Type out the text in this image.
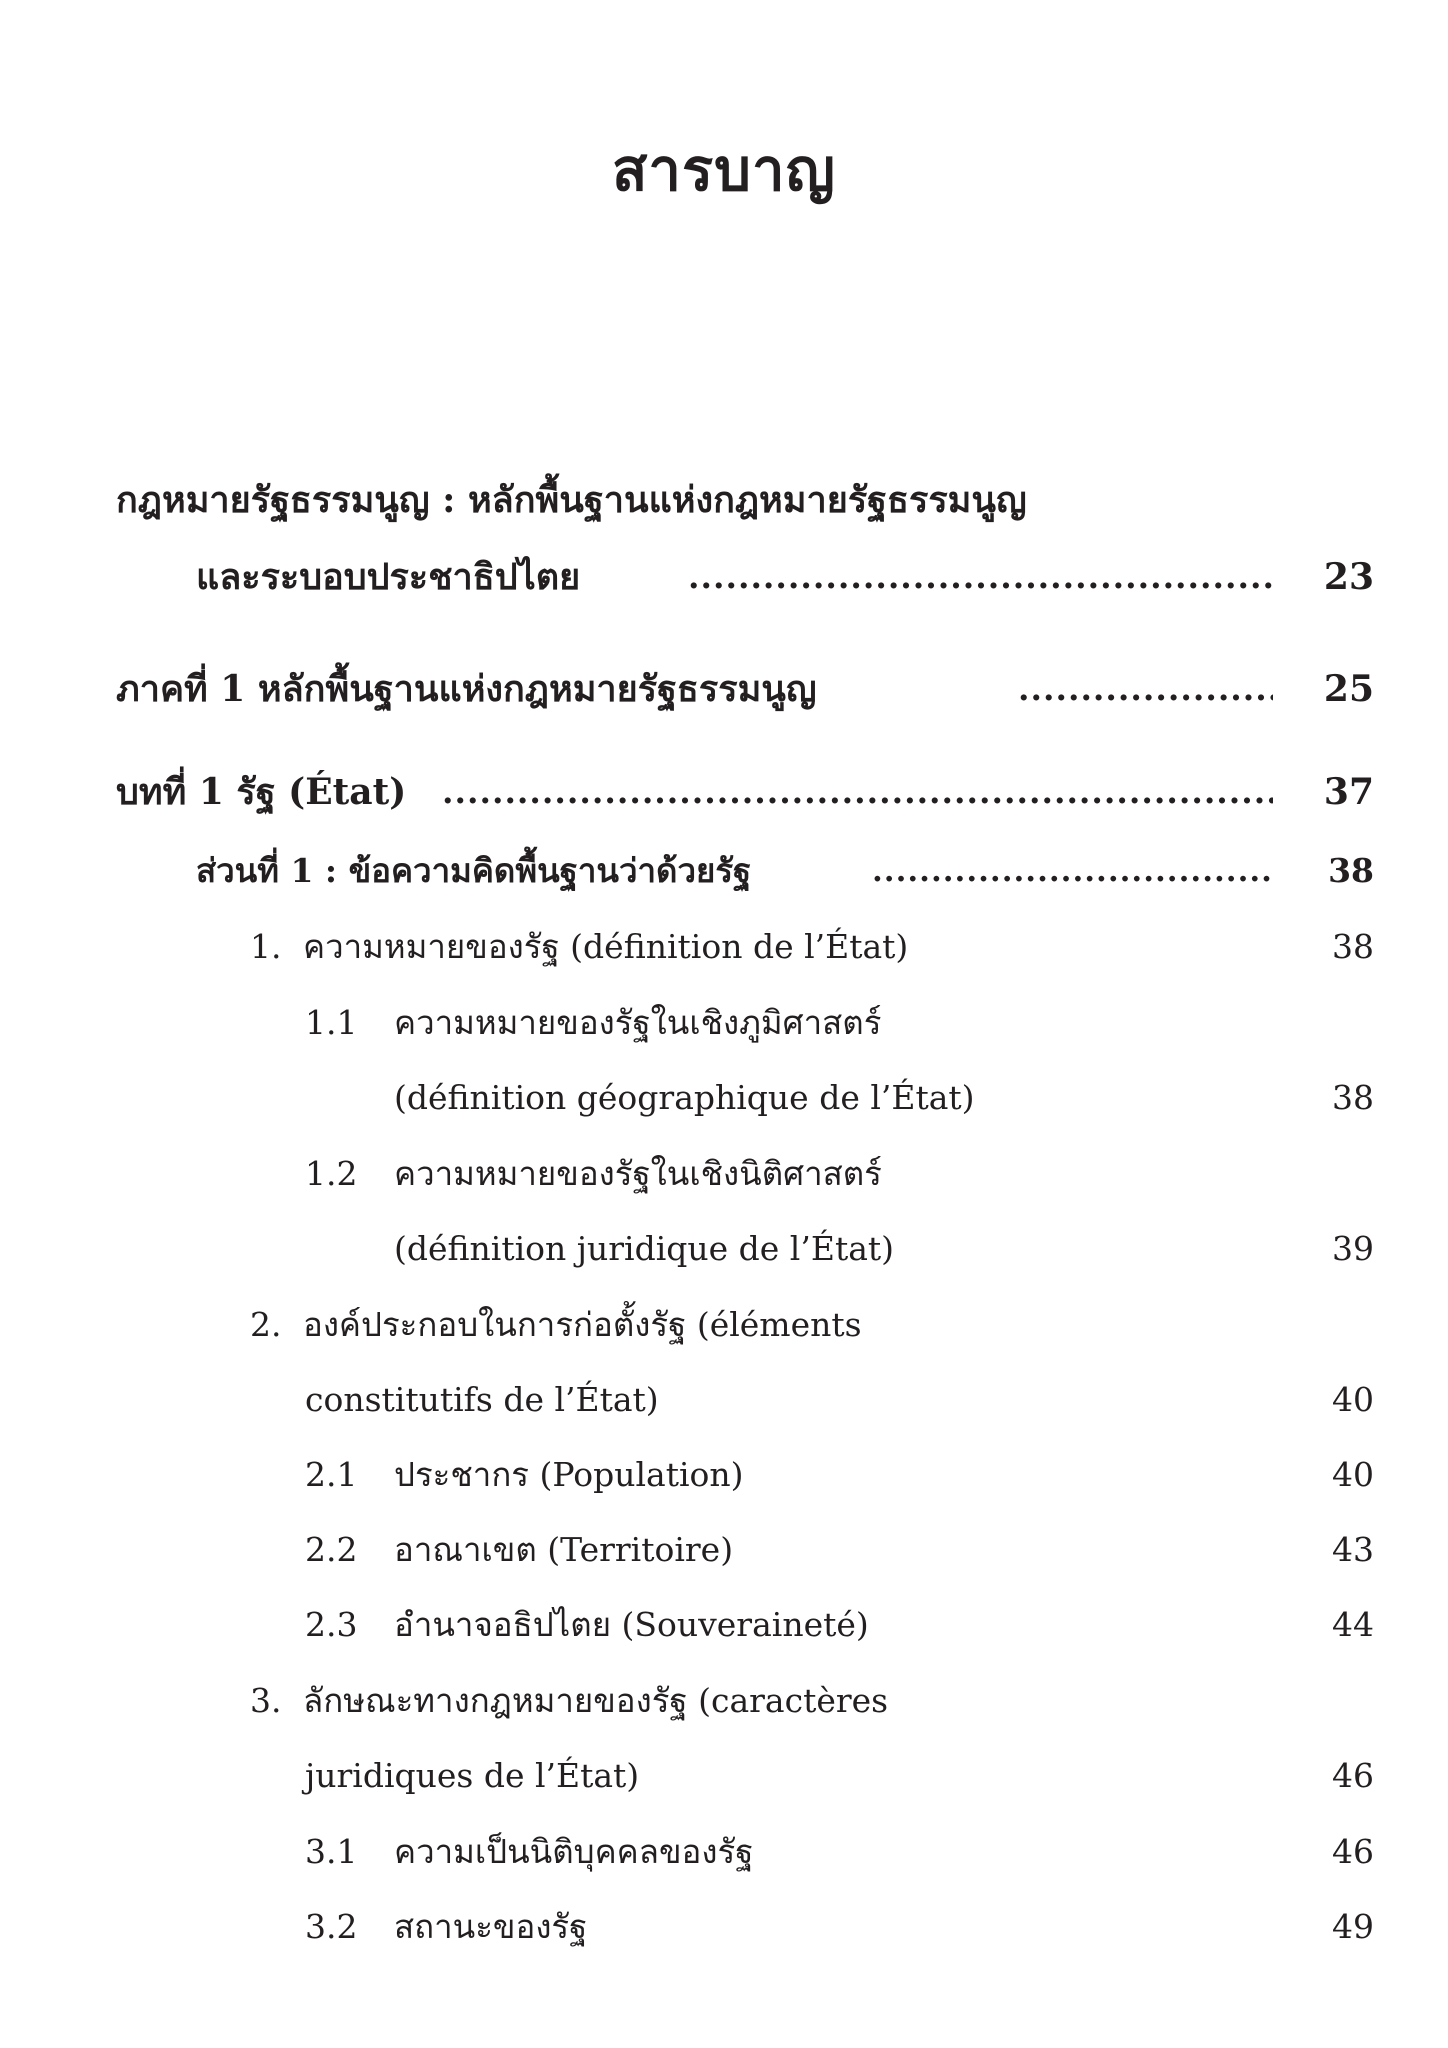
สารบาญ
กฎหมายรัฐธรรมนูญ : หลักพื้นฐานแห่งกฎหมายรัฐธรรมนูญ
และระบอบประชาธิปไตย .....	23
ภาคที่ 1 หลักพื้นฐานแห่งกฎหมายรัฐธรรมนูญ .....	25
บทที่ 1 รัฐ (État) .....	37
ส่วนที่ 1 : ข้อความคิดพื้นฐานว่าด้วยรัฐ .....	38
1. ความหมายของรัฐ (définition de l’État)	38
1.1 ความหมายของรัฐในเชิงภูมิศาสตร์
(définition géographique de l’État)	38
1.2 ความหมายของรัฐในเชิงนิติศาสตร์
(définition juridique de l’État)	39
2. องค์ประกอบในการก่อตั้งรัฐ (éléments
constitutifs de l’État)	40
2.1 ประชากร (Population)	40
2.2 อาณาเขต (Territoire)	43
2.3 อำนาจอธิปไตย (Souveraineté)	44
3. ลักษณะทางกฎหมายของรัฐ (caractères
juridiques de l’État)	46
3.1 ความเป็นนิติบุคคลของรัฐ	46
3.2 สถานะของรัฐ	49
